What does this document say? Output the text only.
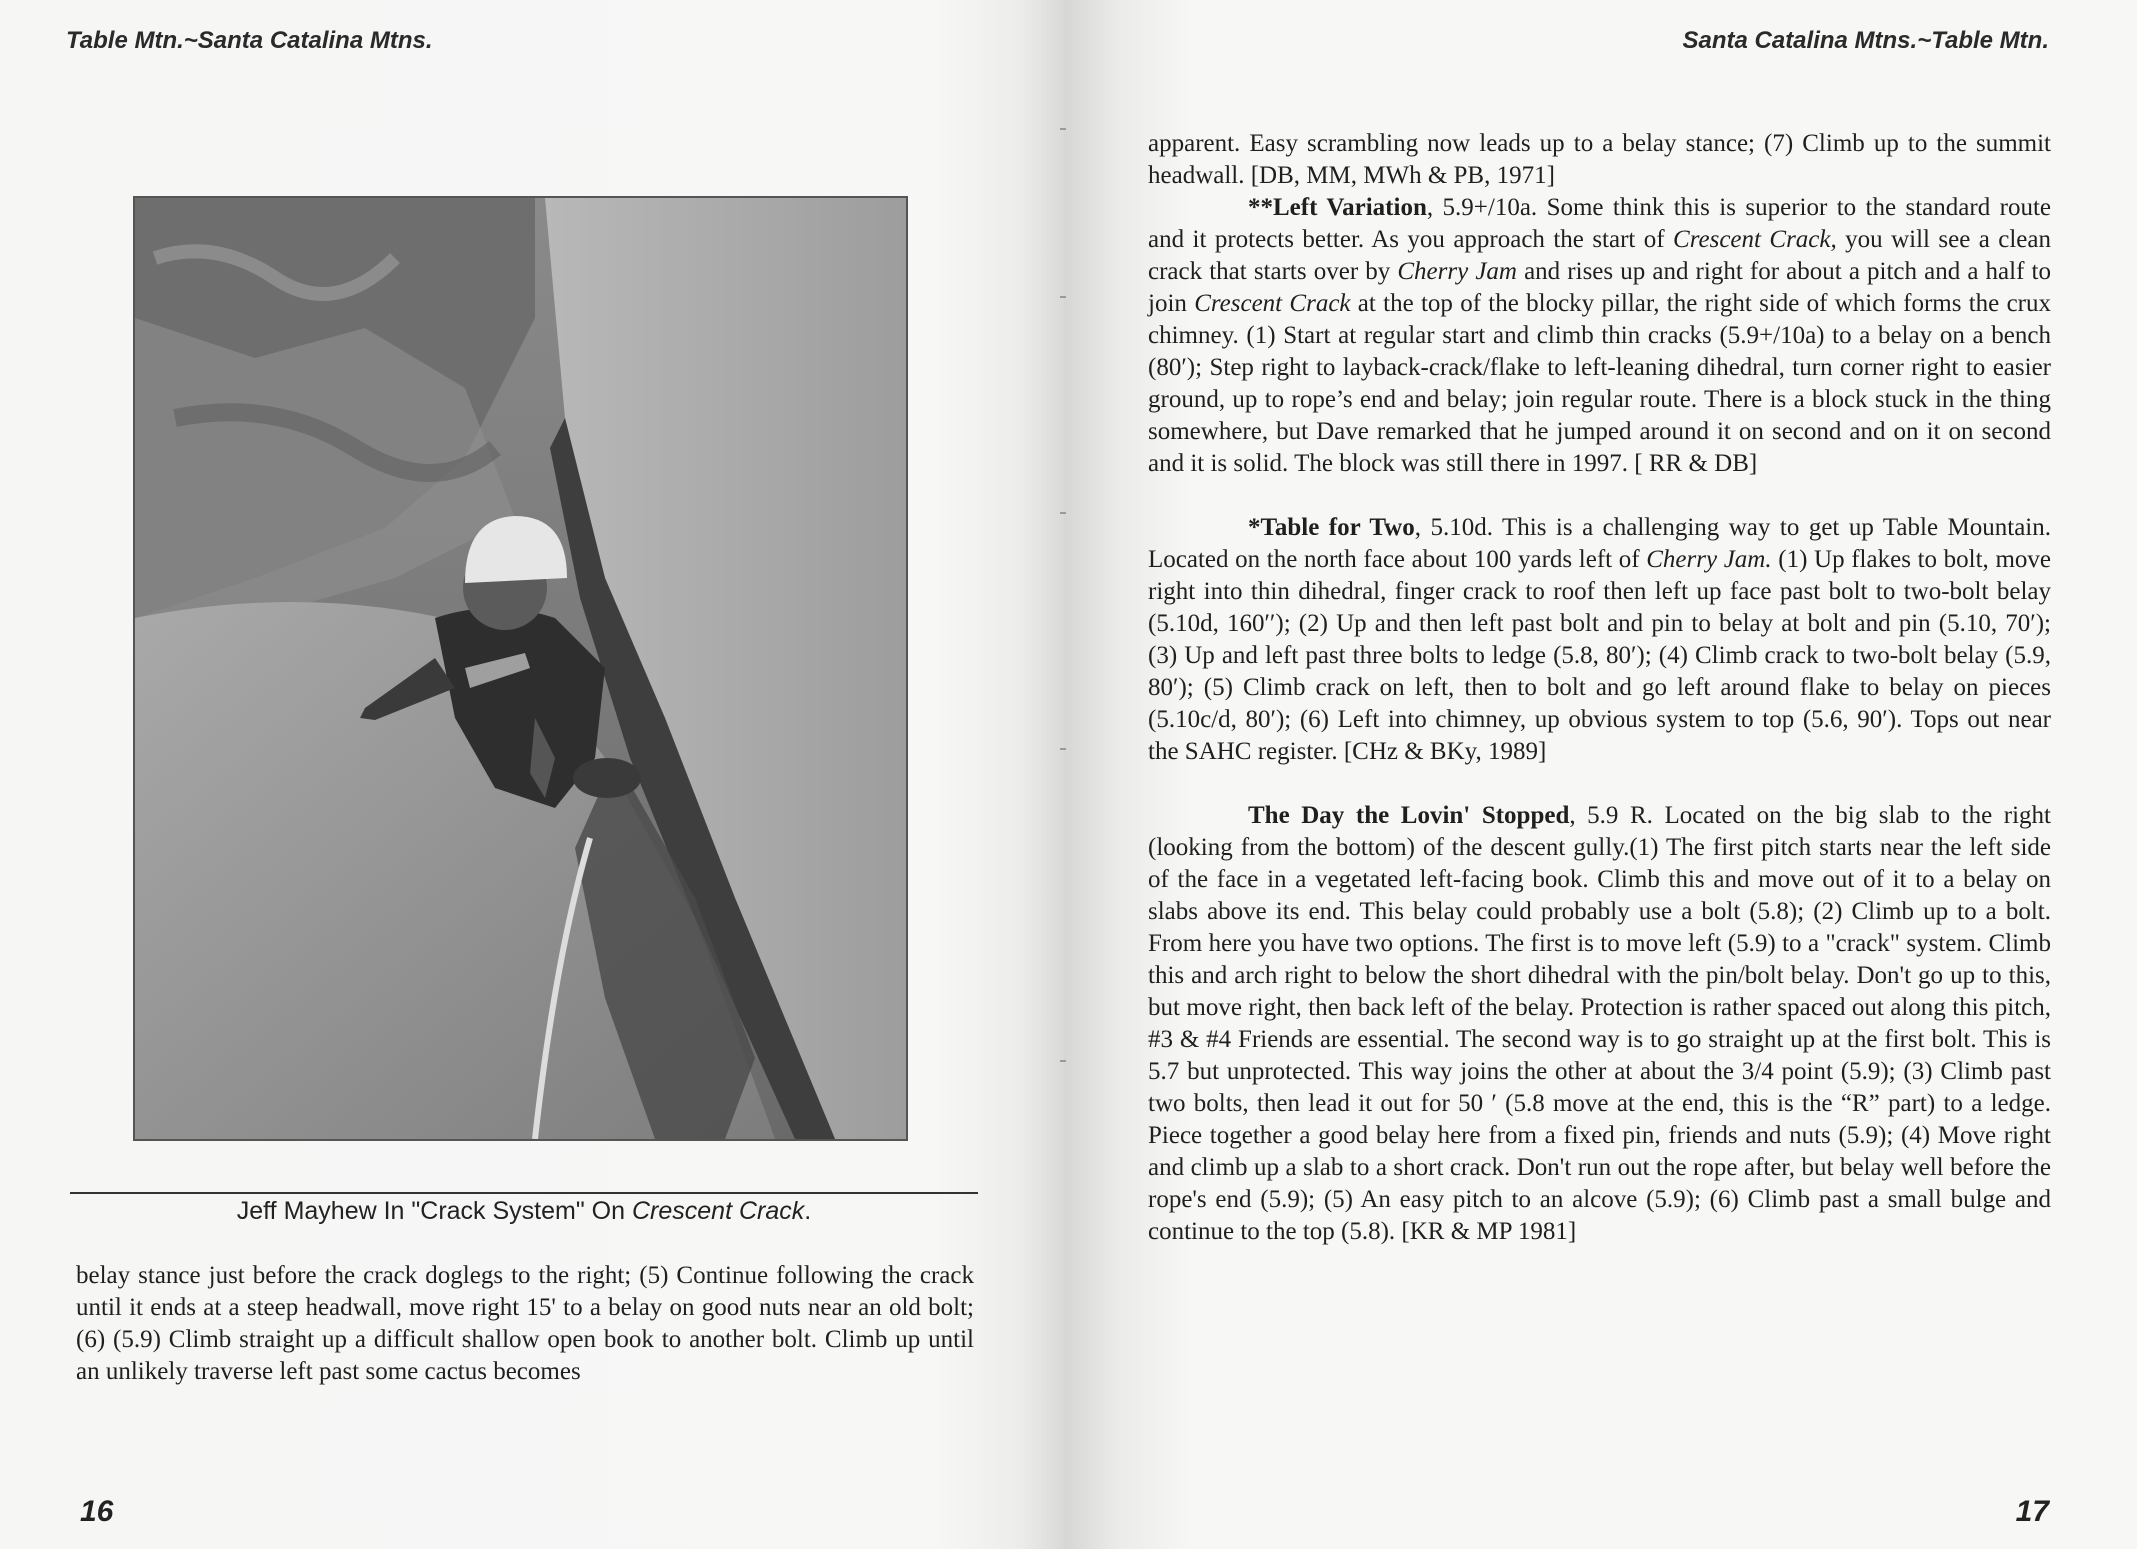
Table Mtn.~Santa Catalina Mtns.
Jeff Mayhew In "Crack System" On Crescent Crack.

belay stance just before the crack doglegs to the right; (5) Continue following the crack until it ends at a steep headwall, move right 15' to a belay on good nuts near an old bolt; (6) (5.9) Climb straight up a difficult shallow open book to another bolt. Climb up until an unlikely traverse left past some cactus becomes

16
Santa Catalina Mtns.~Table Mtn.

apparent. Easy scrambling now leads up to a belay stance; (7) Climb up to the summit headwall. [DB, MM, MWh & PB, 1971]

**Left Variation, 5.9+/10a. Some think this is superior to the standard route and it protects better. As you approach the start of Crescent Crack, you will see a clean crack that starts over by Cherry Jam and rises up and right for about a pitch and a half to join Crescent Crack at the top of the blocky pillar, the right side of which forms the crux chimney. (1) Start at regular start and climb thin cracks (5.9+/10a) to a belay on a bench (80′); Step right to layback-crack/flake to left-leaning dihedral, turn corner right to easier ground, up to rope’s end and belay; join regular route. There is a block stuck in the thing somewhere, but Dave remarked that he jumped around it on second and on it on second and it is solid. The block was still there in 1997. [ RR & DB]

*Table for Two, 5.10d. This is a challenging way to get up Table Mountain. Located on the north face about 100 yards left of Cherry Jam. (1) Up flakes to bolt, move right into thin dihedral, finger crack to roof then left up face past bolt to two-bolt belay (5.10d, 160′′); (2) Up and then left past bolt and pin to belay at bolt and pin (5.10, 70′); (3) Up and left past three bolts to ledge (5.8, 80′); (4) Climb crack to two-bolt belay (5.9, 80′); (5) Climb crack on left, then to bolt and go left around flake to belay on pieces (5.10c/d, 80′); (6) Left into chimney, up obvious system to top (5.6, 90′). Tops out near the SAHC register. [CHz & BKy, 1989]

The Day the Lovin' Stopped, 5.9 R. Located on the big slab to the right (looking from the bottom) of the descent gully.(1) The first pitch starts near the left side of the face in a vegetated left-facing book. Climb this and move out of it to a belay on slabs above its end. This belay could probably use a bolt (5.8); (2) Climb up to a bolt. From here you have two options. The first is to move left (5.9) to a "crack" system. Climb this and arch right to below the short dihedral with the pin/bolt belay. Don't go up to this, but move right, then back left of the belay. Protection is rather spaced out along this pitch, #3 & #4 Friends are essential. The second way is to go straight up at the first bolt. This is 5.7 but unprotected. This way joins the other at about the 3/4 point (5.9); (3) Climb past two bolts, then lead it out for 50 ′ (5.8 move at the end, this is the “R” part) to a ledge. Piece together a good belay here from a fixed pin, friends and nuts (5.9); (4) Move right and climb up a slab to a short crack. Don't run out the rope after, but belay well before the rope's end (5.9); (5) An easy pitch to an alcove (5.9); (6) Climb past a small bulge and continue to the top (5.8). [KR & MP 1981]

17
